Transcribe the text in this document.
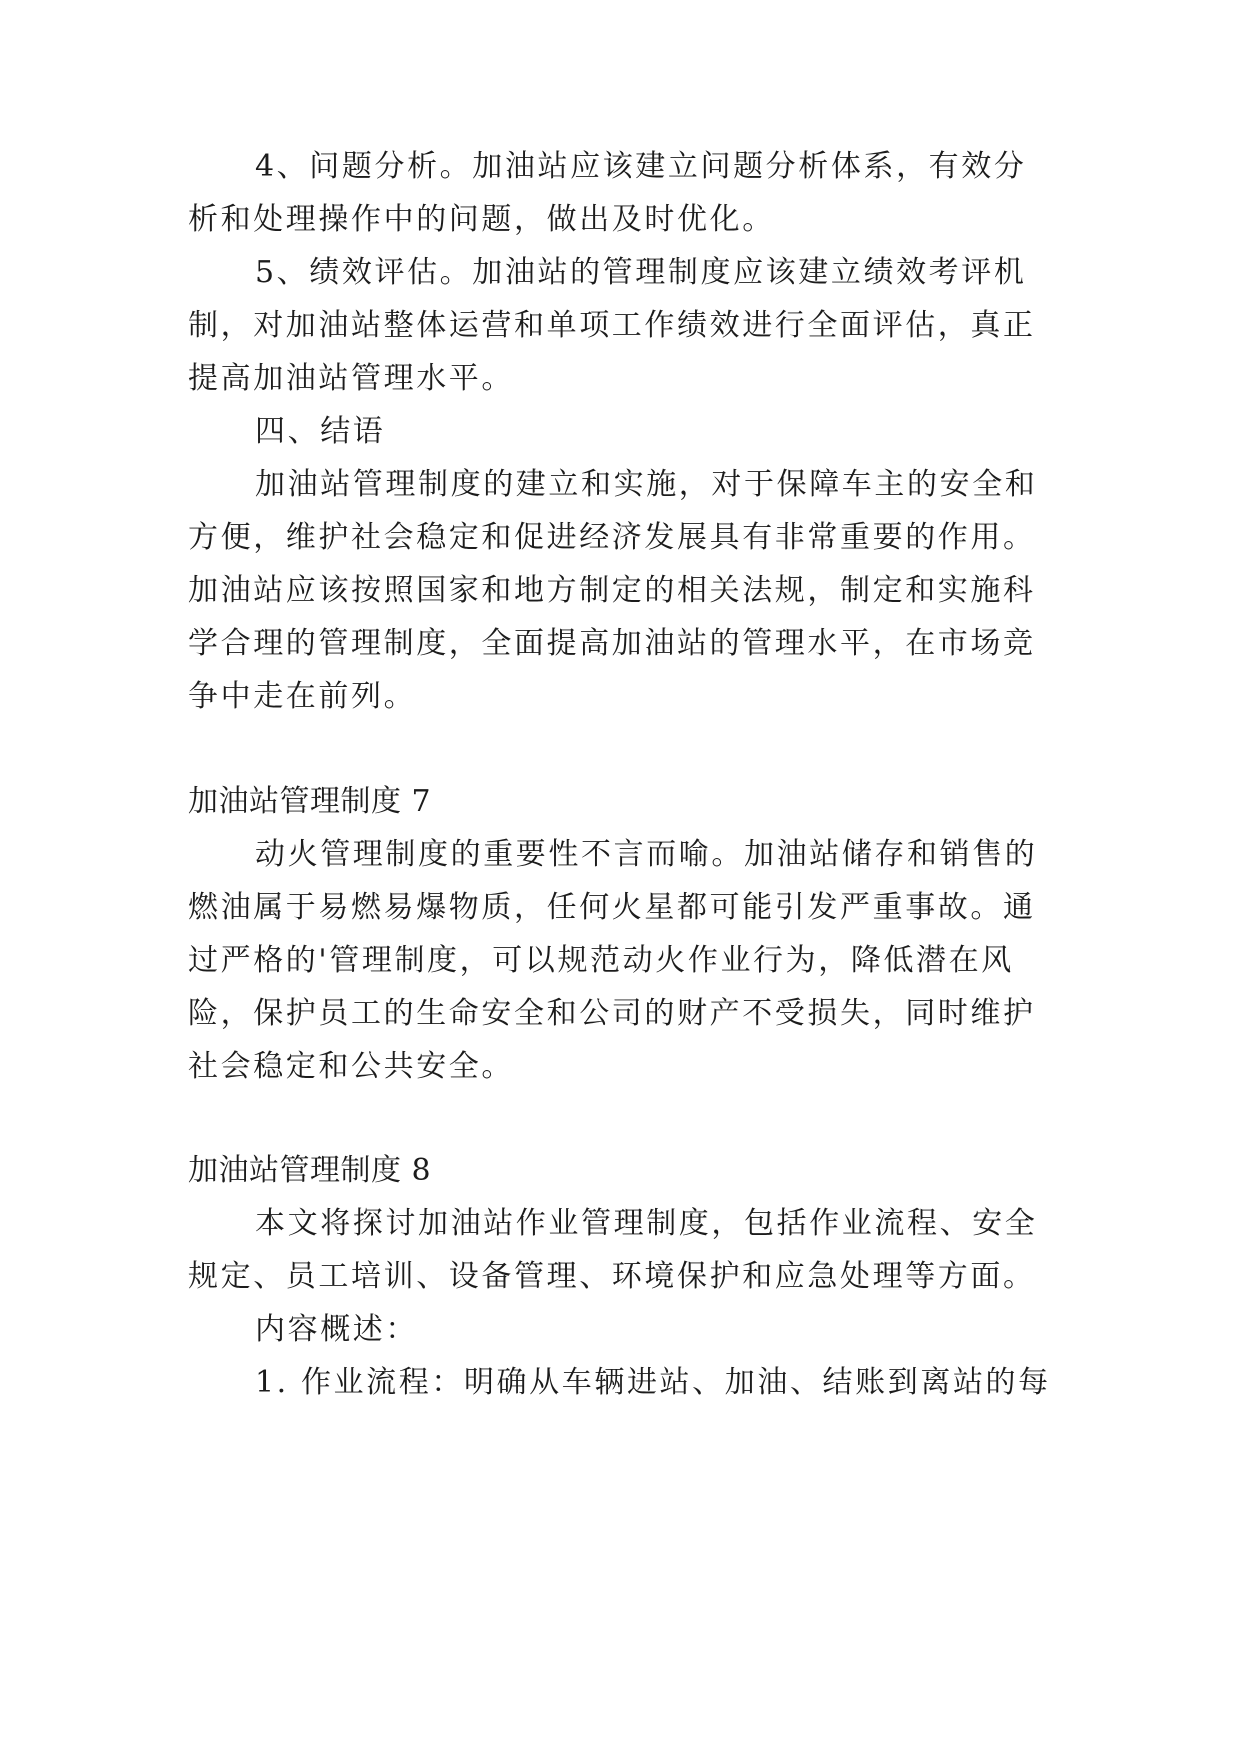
4、问题分析。加油站应该建立问题分析体系，有效分
析和处理操作中的问题，做出及时优化。
5、绩效评估。加油站的管理制度应该建立绩效考评机
制，对加油站整体运营和单项工作绩效进行全面评估，真正
提高加油站管理水平。
四、结语
加油站管理制度的建立和实施，对于保障车主的安全和
方便，维护社会稳定和促进经济发展具有非常重要的作用。
加油站应该按照国家和地方制定的相关法规，制定和实施科
学合理的管理制度，全面提高加油站的管理水平，在市场竞
争中走在前列。
加油站管理制度 7
动火管理制度的重要性不言而喻。加油站储存和销售的
燃油属于易燃易爆物质，任何火星都可能引发严重事故。通
过严格的'管理制度，可以规范动火作业行为，降低潜在风
险，保护员工的生命安全和公司的财产不受损失，同时维护
社会稳定和公共安全。
加油站管理制度 8
本文将探讨加油站作业管理制度，包括作业流程、安全
规定、员工培训、设备管理、环境保护和应急处理等方面。
内容概述：
1. 作业流程：明确从车辆进站、加油、结账到离站的每
